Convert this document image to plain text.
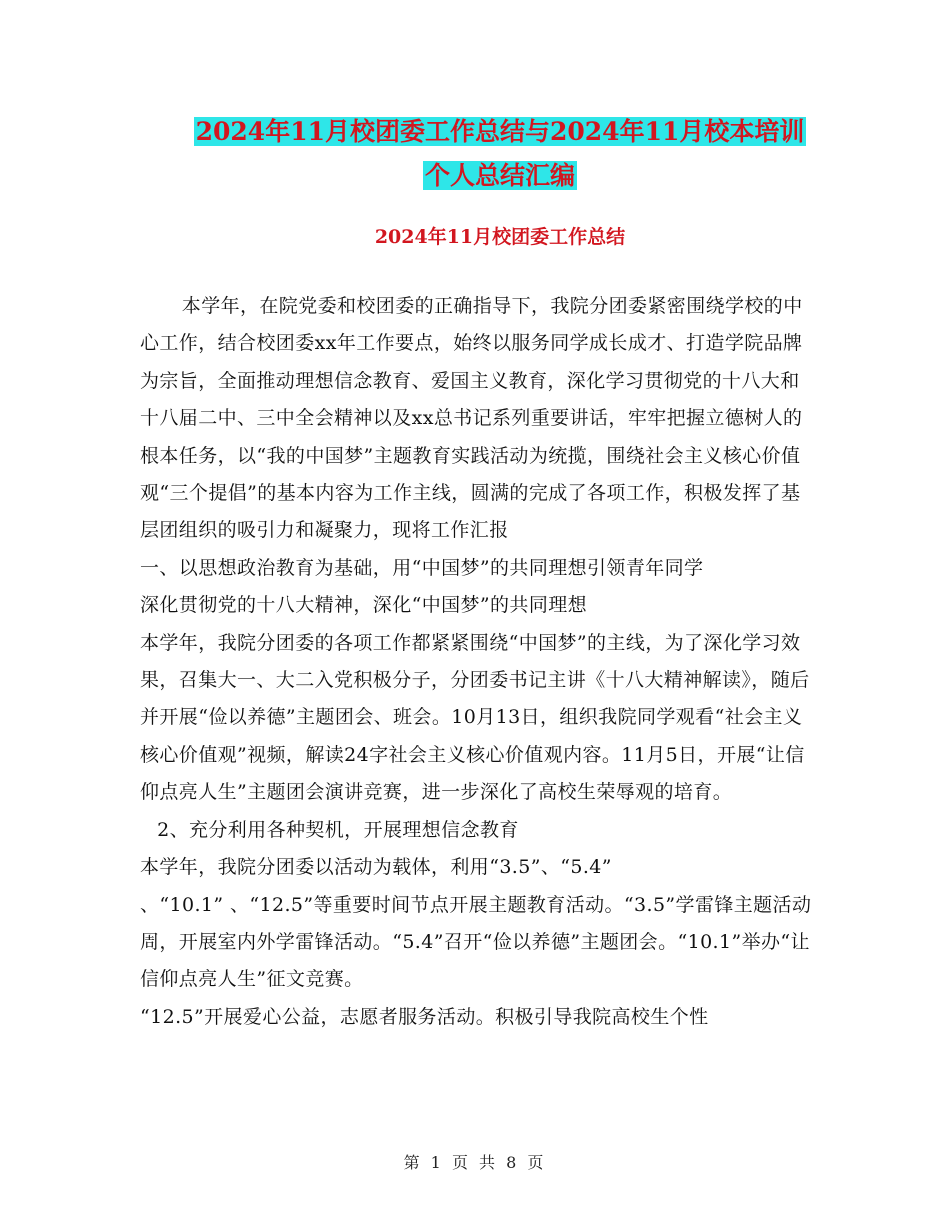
2024年11月校团委工作总结与2024年11月校本培训
个人总结汇编
2024年11月校团委工作总结

本学年，在院党委和校团委的正确指导下，我院分团委紧密围绕学校的中心工作，结合校团委xx年工作要点，始终以服务同学成长成才、打造学院品牌为宗旨，全面推动理想信念教育、爱国主义教育，深化学习贯彻党的十八大和十八届二中、三中全会精神以及xx总书记系列重要讲话，牢牢把握立德树人的根本任务，以“我的中国梦”主题教育实践活动为统揽，围绕社会主义核心价值观“三个提倡”的基本内容为工作主线，圆满的完成了各项工作，积极发挥了基层团组织的吸引力和凝聚力，现将工作汇报

一、以思想政治教育为基础，用“中国梦”的共同理想引领青年同学

深化贯彻党的十八大精神，深化“中国梦”的共同理想

本学年，我院分团委的各项工作都紧紧围绕“中国梦”的主线，为了深化学习效果，召集大一、大二入党积极分子，分团委书记主讲《十八大精神解读》，随后并开展“俭以养德”主题团会、班会。10月13日，组织我院同学观看“社会主义核心价值观”视频，解读24字社会主义核心价值观内容。11月5日，开展“让信仰点亮人生”主题团会演讲竞赛，进一步深化了高校生荣辱观的培育。

2、充分利用各种契机，开展理想信念教育

本学年，我院分团委以活动为载体，利用“3.5”、“5.4”

、“10.1” 、“12.5”等重要时间节点开展主题教育活动。“3.5”学雷锋主题活动周，开展室内外学雷锋活动。“5.4”召开“俭以养德”主题团会。“10.1”举办“让信仰点亮人生”征文竞赛。

“12.5”开展爱心公益，志愿者服务活动。积极引导我院高校生个性

第 1 页 共 8 页
